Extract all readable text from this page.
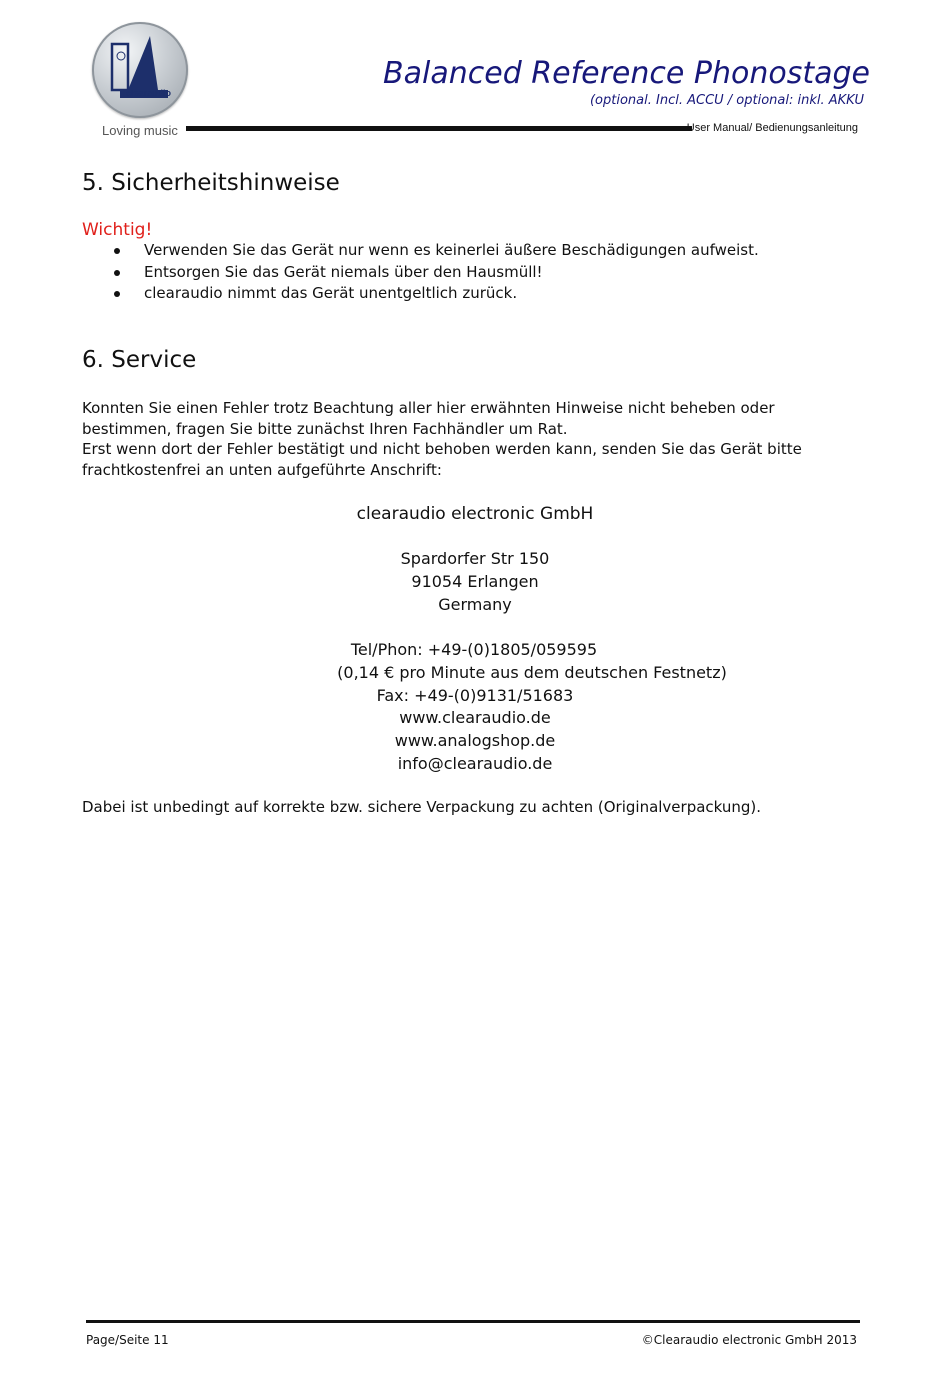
clearaudio
Loving music
Balanced Reference Phonostage
(optional. Incl. ACCU / optional: inkl. AKKU
User Manual/ Bedienungsanleitung
5. Sicherheitshinweise
Wichtig!
Verwenden Sie das Gerät nur wenn es keinerlei äußere Beschädigungen aufweist.
Entsorgen Sie das Gerät niemals über den Hausmüll!
clearaudio nimmt das Gerät unentgeltlich zurück.
6. Service

Konnten Sie einen Fehler trotz Beachtung aller hier erwähnten Hinweise nicht beheben oder bestimmen, fragen Sie bitte zunächst Ihren Fachhändler um Rat.

Erst wenn dort der Fehler bestätigt und nicht behoben werden kann, senden Sie das Gerät bitte frachtkostenfrei an unten aufgeführte Anschrift:

clearaudio electronic GmbH
Spardorfer Str 150
91054 Erlangen
Germany
Tel/Phon: +49-(0)1805/059595
(0,14 € pro Minute aus dem deutschen Festnetz)
Fax: +49-(0)9131/51683
www.clearaudio.de
www.analogshop.de
info@clearaudio.de

Dabei ist unbedingt auf korrekte bzw. sichere Verpackung zu achten (Originalverpackung).

Page/Seite 11	©Clearaudio electronic GmbH 2013
